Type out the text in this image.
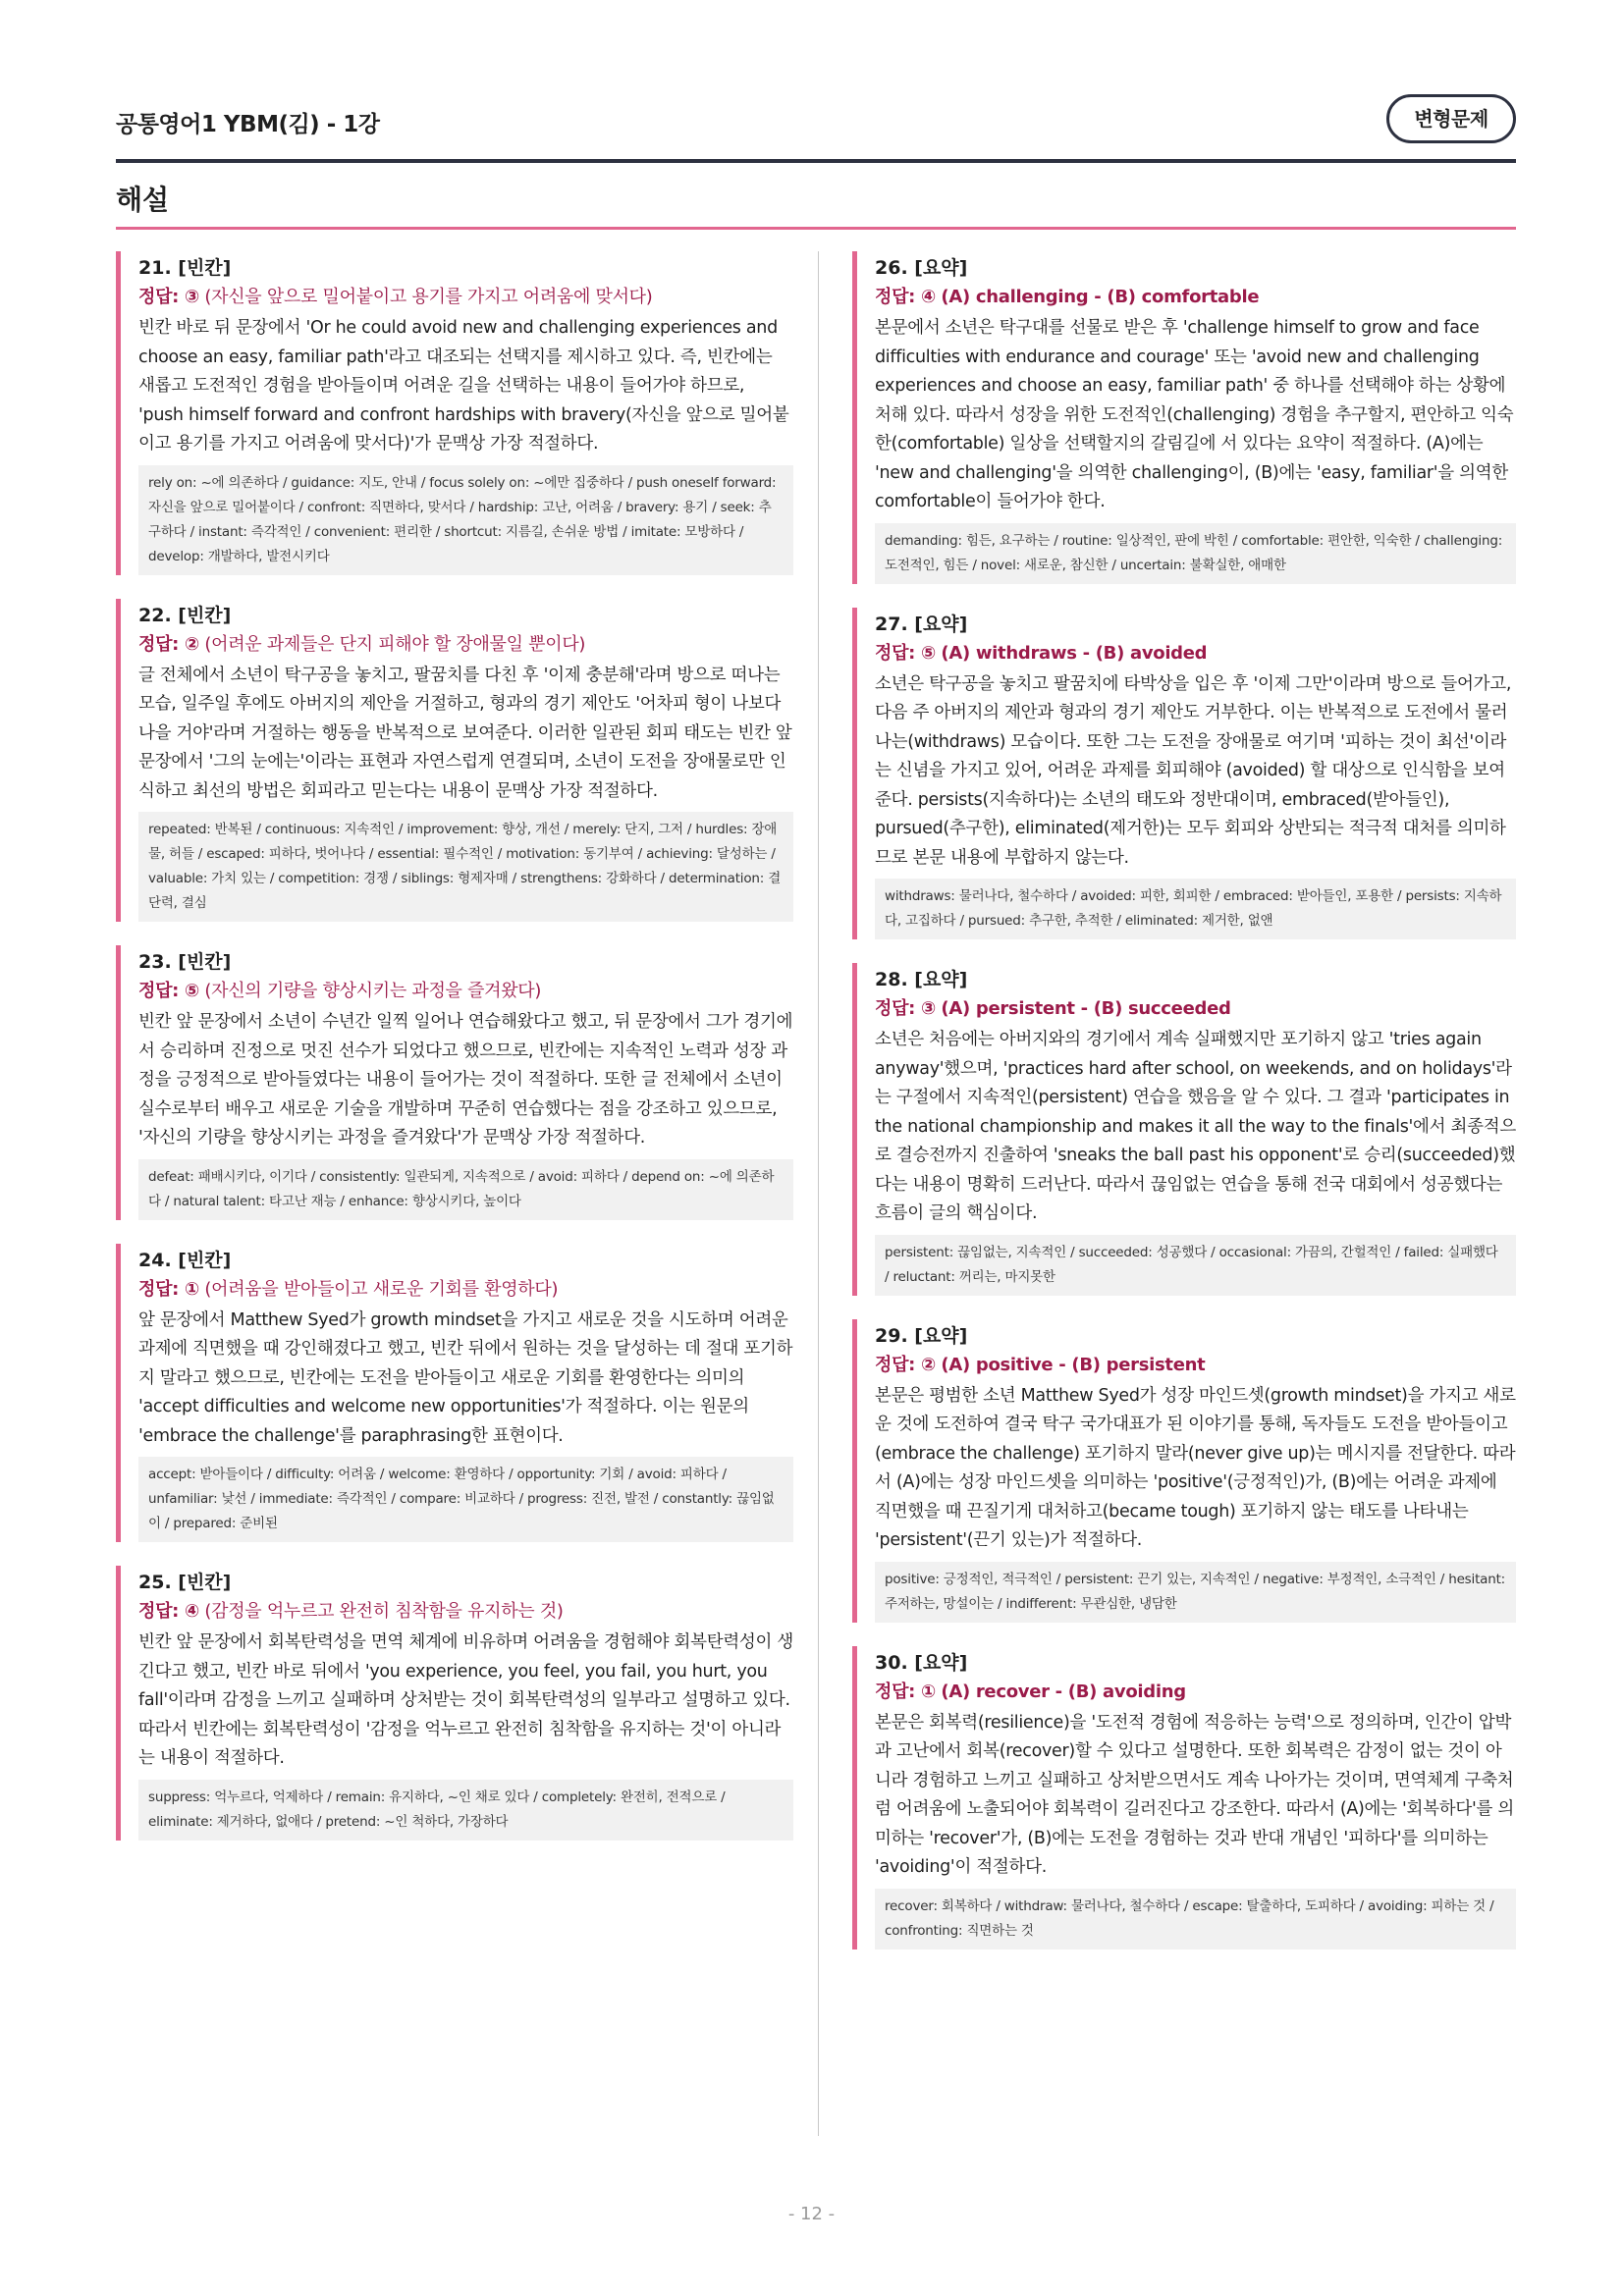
공통영어1 YBM(김) - 1강	변형문제
해설
21. [빈칸]
정답: ③ (자신을 앞으로 밀어붙이고 용기를 가지고 어려움에 맞서다)
빈칸 바로 뒤 문장에서 'Or he could avoid new and challenging experiences and choose an easy, familiar path'라고 대조되는 선택지를 제시하고 있다. 즉, 빈칸에는 새롭고 도전적인 경험을 받아들이며 어려운 길을 선택하는 내용이 들어가야 하므로, 'push himself forward and confront hardships with bravery(자신을 앞으로 밀어붙이고 용기를 가지고 어려움에 맞서다)'가 문맥상 가장 적절하다.
rely on: ~에 의존하다 / guidance: 지도, 안내 / focus solely on: ~에만 집중하다 / push oneself forward: 자신을 앞으로 밀어붙이다 / confront: 직면하다, 맞서다 / hardship: 고난, 어려움 / bravery: 용기 / seek: 추구하다 / instant: 즉각적인 / convenient: 편리한 / shortcut: 지름길, 손쉬운 방법 / imitate: 모방하다 / develop: 개발하다, 발전시키다
22. [빈칸]
정답: ② (어려운 과제들은 단지 피해야 할 장애물일 뿐이다)
글 전체에서 소년이 탁구공을 놓치고, 팔꿈치를 다친 후 '이제 충분해'라며 방으로 떠나는 모습, 일주일 후에도 아버지의 제안을 거절하고, 형과의 경기 제안도 '어차피 형이 나보다 나을 거야'라며 거절하는 행동을 반복적으로 보여준다. 이러한 일관된 회피 태도는 빈칸 앞 문장에서 '그의 눈에는'이라는 표현과 자연스럽게 연결되며, 소년이 도전을 장애물로만 인식하고 최선의 방법은 회피라고 믿는다는 내용이 문맥상 가장 적절하다.
repeated: 반복된 / continuous: 지속적인 / improvement: 향상, 개선 / merely: 단지, 그저 / hurdles: 장애물, 허들 / escaped: 피하다, 벗어나다 / essential: 필수적인 / motivation: 동기부여 / achieving: 달성하는 / valuable: 가치 있는 / competition: 경쟁 / siblings: 형제자매 / strengthens: 강화하다 / determination: 결단력, 결심
23. [빈칸]
정답: ⑤ (자신의 기량을 향상시키는 과정을 즐겨왔다)
빈칸 앞 문장에서 소년이 수년간 일찍 일어나 연습해왔다고 했고, 뒤 문장에서 그가 경기에서 승리하며 진정으로 멋진 선수가 되었다고 했으므로, 빈칸에는 지속적인 노력과 성장 과정을 긍정적으로 받아들였다는 내용이 들어가는 것이 적절하다. 또한 글 전체에서 소년이 실수로부터 배우고 새로운 기술을 개발하며 꾸준히 연습했다는 점을 강조하고 있으므로, '자신의 기량을 향상시키는 과정을 즐겨왔다'가 문맥상 가장 적절하다.
defeat: 패배시키다, 이기다 / consistently: 일관되게, 지속적으로 / avoid: 피하다 / depend on: ~에 의존하다 / natural talent: 타고난 재능 / enhance: 향상시키다, 높이다
24. [빈칸]
정답: ① (어려움을 받아들이고 새로운 기회를 환영하다)
앞 문장에서 Matthew Syed가 growth mindset을 가지고 새로운 것을 시도하며 어려운 과제에 직면했을 때 강인해졌다고 했고, 빈칸 뒤에서 원하는 것을 달성하는 데 절대 포기하지 말라고 했으므로, 빈칸에는 도전을 받아들이고 새로운 기회를 환영한다는 의미의 'accept difficulties and welcome new opportunities'가 적절하다. 이는 원문의 'embrace the challenge'를 paraphrasing한 표현이다.
accept: 받아들이다 / difficulty: 어려움 / welcome: 환영하다 / opportunity: 기회 / avoid: 피하다 / unfamiliar: 낯선 / immediate: 즉각적인 / compare: 비교하다 / progress: 진전, 발전 / constantly: 끊임없이 / prepared: 준비된
25. [빈칸]
정답: ④ (감정을 억누르고 완전히 침착함을 유지하는 것)
빈칸 앞 문장에서 회복탄력성을 면역 체계에 비유하며 어려움을 경험해야 회복탄력성이 생긴다고 했고, 빈칸 바로 뒤에서 'you experience, you feel, you fail, you hurt, you fall'이라며 감정을 느끼고 실패하며 상처받는 것이 회복탄력성의 일부라고 설명하고 있다. 따라서 빈칸에는 회복탄력성이 '감정을 억누르고 완전히 침착함을 유지하는 것'이 아니라는 내용이 적절하다.
suppress: 억누르다, 억제하다 / remain: 유지하다, ~인 채로 있다 / completely: 완전히, 전적으로 / eliminate: 제거하다, 없애다 / pretend: ~인 척하다, 가장하다
26. [요약]
정답: ④ (A) challenging - (B) comfortable
본문에서 소년은 탁구대를 선물로 받은 후 'challenge himself to grow and face difficulties with endurance and courage' 또는 'avoid new and challenging experiences and choose an easy, familiar path' 중 하나를 선택해야 하는 상황에 처해 있다. 따라서 성장을 위한 도전적인(challenging) 경험을 추구할지, 편안하고 익숙한(comfortable) 일상을 선택할지의 갈림길에 서 있다는 요약이 적절하다. (A)에는 'new and challenging'을 의역한 challenging이, (B)에는 'easy, familiar'을 의역한 comfortable이 들어가야 한다.
demanding: 힘든, 요구하는 / routine: 일상적인, 판에 박힌 / comfortable: 편안한, 익숙한 / challenging: 도전적인, 힘든 / novel: 새로운, 참신한 / uncertain: 불확실한, 애매한
27. [요약]
정답: ⑤ (A) withdraws - (B) avoided
소년은 탁구공을 놓치고 팔꿈치에 타박상을 입은 후 '이제 그만'이라며 방으로 들어가고, 다음 주 아버지의 제안과 형과의 경기 제안도 거부한다. 이는 반복적으로 도전에서 물러나는(withdraws) 모습이다. 또한 그는 도전을 장애물로 여기며 '피하는 것이 최선'이라는 신념을 가지고 있어, 어려운 과제를 회피해야 (avoided) 할 대상으로 인식함을 보여준다. persists(지속하다)는 소년의 태도와 정반대이며, embraced(받아들인), pursued(추구한), eliminated(제거한)는 모두 회피와 상반되는 적극적 대처를 의미하므로 본문 내용에 부합하지 않는다.
withdraws: 물러나다, 철수하다 / avoided: 피한, 회피한 / embraced: 받아들인, 포용한 / persists: 지속하다, 고집하다 / pursued: 추구한, 추적한 / eliminated: 제거한, 없앤
28. [요약]
정답: ③ (A) persistent - (B) succeeded
소년은 처음에는 아버지와의 경기에서 계속 실패했지만 포기하지 않고 'tries again anyway'했으며, 'practices hard after school, on weekends, and on holidays'라는 구절에서 지속적인(persistent) 연습을 했음을 알 수 있다. 그 결과 'participates in the national championship and makes it all the way to the finals'에서 최종적으로 결승전까지 진출하여 'sneaks the ball past his opponent'로 승리(succeeded)했다는 내용이 명확히 드러난다. 따라서 끊임없는 연습을 통해 전국 대회에서 성공했다는 흐름이 글의 핵심이다.
persistent: 끊임없는, 지속적인 / succeeded: 성공했다 / occasional: 가끔의, 간헐적인 / failed: 실패했다 / reluctant: 꺼리는, 마지못한
29. [요약]
정답: ② (A) positive - (B) persistent
본문은 평범한 소년 Matthew Syed가 성장 마인드셋(growth mindset)을 가지고 새로운 것에 도전하여 결국 탁구 국가대표가 된 이야기를 통해, 독자들도 도전을 받아들이고(embrace the challenge) 포기하지 말라(never give up)는 메시지를 전달한다. 따라서 (A)에는 성장 마인드셋을 의미하는 'positive'(긍정적인)가, (B)에는 어려운 과제에 직면했을 때 끈질기게 대처하고(became tough) 포기하지 않는 태도를 나타내는 'persistent'(끈기 있는)가 적절하다.
positive: 긍정적인, 적극적인 / persistent: 끈기 있는, 지속적인 / negative: 부정적인, 소극적인 / hesitant: 주저하는, 망설이는 / indifferent: 무관심한, 냉담한
30. [요약]
정답: ① (A) recover - (B) avoiding
본문은 회복력(resilience)을 '도전적 경험에 적응하는 능력'으로 정의하며, 인간이 압박과 고난에서 회복(recover)할 수 있다고 설명한다. 또한 회복력은 감정이 없는 것이 아니라 경험하고 느끼고 실패하고 상처받으면서도 계속 나아가는 것이며, 면역체계 구축처럼 어려움에 노출되어야 회복력이 길러진다고 강조한다. 따라서 (A)에는 '회복하다'를 의미하는 'recover'가, (B)에는 도전을 경험하는 것과 반대 개념인 '피하다'를 의미하는 'avoiding'이 적절하다.
recover: 회복하다 / withdraw: 물러나다, 철수하다 / escape: 탈출하다, 도피하다 / avoiding: 피하는 것 / confronting: 직면하는 것
- 12 -
